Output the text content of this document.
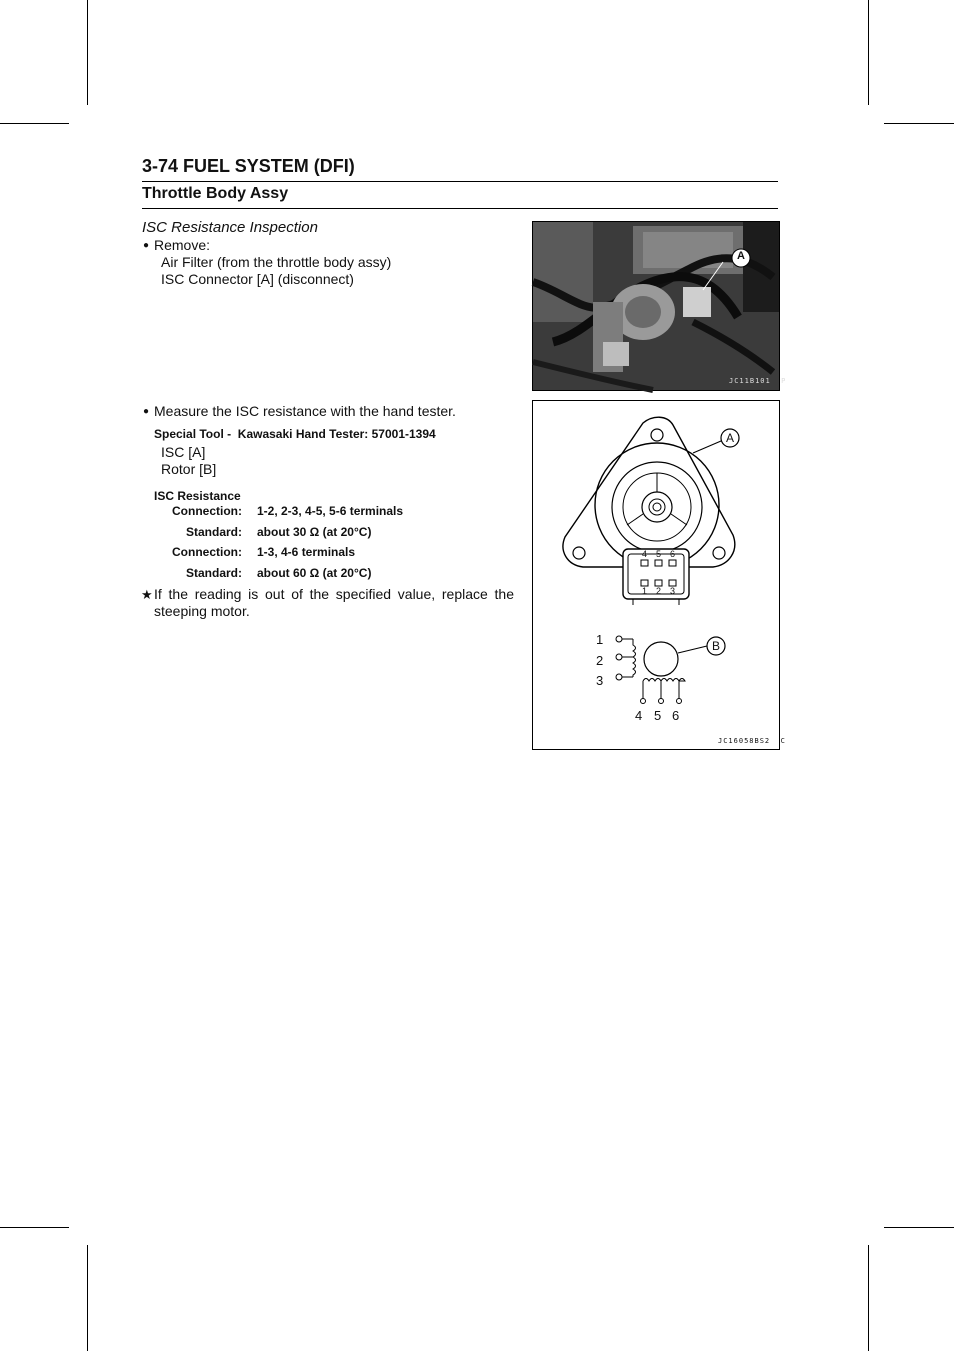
3-74 FUEL SYSTEM (DFI)
Throttle Body Assy
ISC Resistance Inspection
● Remove:
Air Filter (from the throttle body assy)
ISC Connector [A] (disconnect)
● Measure the ISC resistance with the hand tester.
Special Tool -  Kawasaki Hand Tester: 57001-1394
ISC [A]
Rotor [B]
ISC Resistance
Connection: 1-2, 2-3, 4-5, 5-6 terminals
Standard: about 30 Ω (at 20°C)
Connection: 1-3, 4-6 terminals
Standard: about 60 Ω (at 20°C)
★ If the reading is out of the specified value, replace the steeping motor.
A
JC11B101  P
A
B
4 5 6
1 2 3
1
2
3
4 5 6
JC16058BS2  C
